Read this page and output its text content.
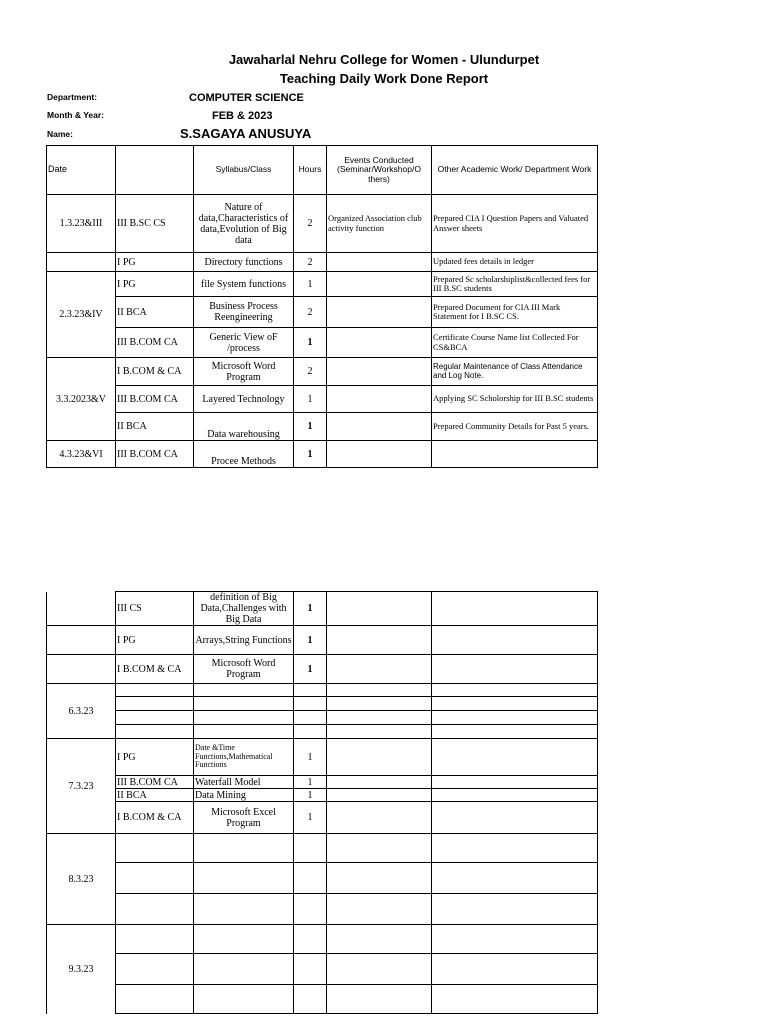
Jawaharlal Nehru College for Women - Ulundurpet
Teaching Daily Work Done Report
Department:	COMPUTER SCIENCE
Month & Year:	FEB & 2023
Name:	S.SAGAYA ANUSUYA
Date		Syllabus/Class	Hours	Events Conducted (Seminar/Workshop/O thers)	Other Academic Work/ Department Work
1.3.23&III	III B.SC CS	Nature of data,Characteristics of data,Evolution of Big data	2	Organized Association club activity function	Prepared CIA I Question Papers and Valuated Answer sheets
	I PG	Directory functions	2		Updated fees details in ledger
2.3.23&IV	I PG	file System functions	1		Prepared Sc scholarshiplist&collected fees for III B.SC students
	II BCA	Business Process Reengineering	2		Prepared Document for CIA III Mark Statement for I B.SC CS.
	III B.COM CA	Generic View oF /process	1		Certificate Course Name list Collected For CS&BCA
3.3.2023&V	I B.COM & CA	Microsoft Word Program	2		Regular Maintenance of Class Attendance and Log Note.
	III B.COM CA	Layered Technology	1		Applying SC Scholorship for III B.SC students
	II BCA	Data warehousing	1		Prepared Community Details for Past 5 years.
4.3.23&VI	III B.COM CA	Procee Methods	1		
	III CS	definition of Big Data,Challenges with Big Data	1		
	I PG	Arrays,String Functions	1		
	I B.COM & CA	Microsoft Word Program	1		
6.3.23					

7.3.23	I PG	Date &Time Functions,Mathematical Functions	1		
	III B.COM CA	Waterfall Model	1		
	II BCA	Data Mining	1		
	I B.COM & CA	Microsoft Excel Program	1		
8.3.23					

9.3.23					
